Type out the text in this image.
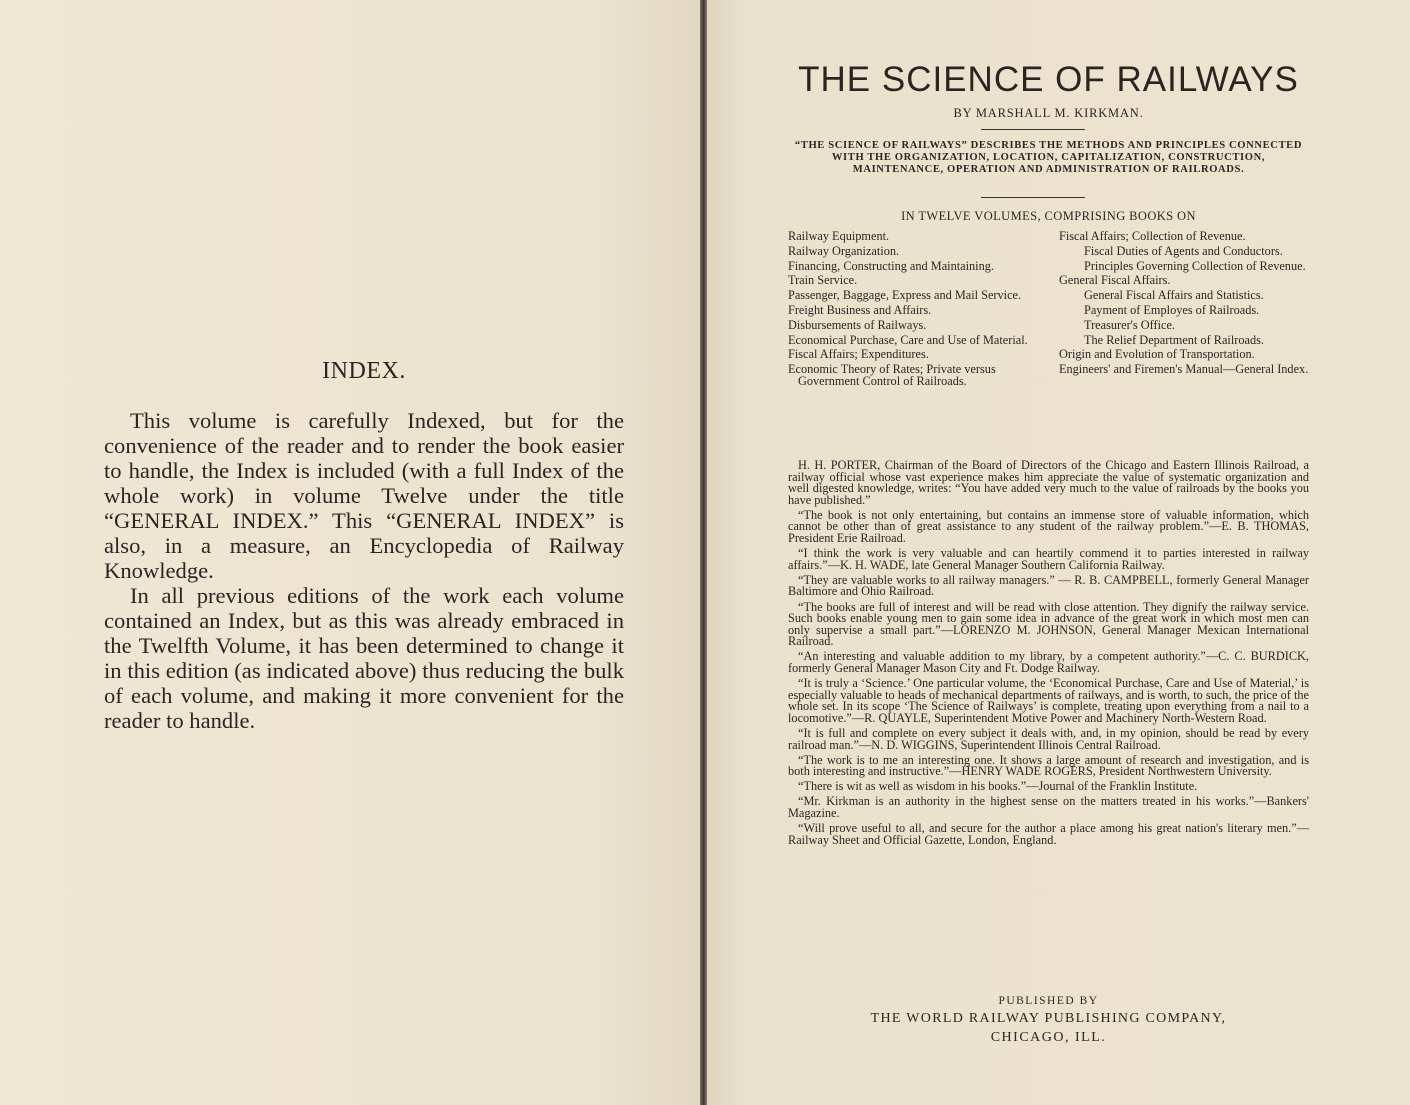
INDEX.

This volume is carefully Indexed, but for the convenience of the reader and to render the book easier to handle, the Index is included (with a full Index of the whole work) in volume Twelve under the title “GENERAL INDEX.” This “GENERAL INDEX” is also, in a measure, an Encyclopedia of Railway Knowledge.

In all previous editions of the work each volume contained an Index, but as this was already embraced in the Twelfth Volume, it has been determined to change it in this edition (as indicated above) thus reducing the bulk of each volume, and making it more convenient for the reader to handle.

THE SCIENCE OF RAILWAYS
BY MARSHALL M. KIRKMAN.
“THE SCIENCE OF RAILWAYS” DESCRIBES THE METHODS AND PRINCIPLES CONNECTED WITH THE ORGANIZATION, LOCATION, CAPITALIZATION, CONSTRUCTION, MAINTENANCE, OPERATION AND ADMINISTRATION OF RAILROADS.
IN TWELVE VOLUMES, COMPRISING BOOKS ON
Railway Equipment.
Railway Organization.
Financing, Constructing and Maintaining.
Train Service.
Passenger, Baggage, Express and Mail Service.
Freight Business and Affairs.
Disbursements of Railways.
Economical Purchase, Care and Use of Material.
Fiscal Affairs; Expenditures.
Economic Theory of Rates; Private versus Government Control of Railroads.
Fiscal Affairs; Collection of Revenue.
Fiscal Duties of Agents and Conductors.
Principles Governing Collection of Revenue.
General Fiscal Affairs.
General Fiscal Affairs and Statistics.
Payment of Employes of Railroads.
Treasurer's Office.
The Relief Department of Railroads.
Origin and Evolution of Transportation.
Engineers' and Firemen's Manual—General Index.

H. H. PORTER, Chairman of the Board of Directors of the Chicago and Eastern Illinois Railroad, a railway official whose vast experience makes him appreciate the value of systematic organization and well digested knowledge, writes: “You have added very much to the value of railroads by the books you have published.”

“The book is not only entertaining, but contains an immense store of valuable information, which cannot be other than of great assistance to any student of the railway problem.”—E. B. THOMAS, President Erie Railroad.

“I think the work is very valuable and can heartily commend it to parties interested in railway affairs.”—K. H. WADE, late General Manager Southern California Railway.

“They are valuable works to all railway managers.” — R. B. CAMPBELL, formerly General Manager Baltimore and Ohio Railroad.

“The books are full of interest and will be read with close attention. They dignify the railway service. Such books enable young men to gain some idea in advance of the great work in which most men can only supervise a small part.”—LORENZO M. JOHNSON, General Manager Mexican International Railroad.

“An interesting and valuable addition to my library, by a competent authority.”—C. C. BURDICK, formerly General Manager Mason City and Ft. Dodge Railway.

“It is truly a ‘Science.’ One particular volume, the ‘Economical Purchase, Care and Use of Material,’ is especially valuable to heads of mechanical departments of railways, and is worth, to such, the price of the whole set. In its scope ‘The Science of Railways’ is complete, treating upon everything from a nail to a locomotive.”—R. QUAYLE, Superintendent Motive Power and Machinery North-Western Road.

“It is full and complete on every subject it deals with, and, in my opinion, should be read by every railroad man.”—N. D. WIGGINS, Superintendent Illinois Central Railroad.

“The work is to me an interesting one. It shows a large amount of research and investigation, and is both interesting and instructive.”—HENRY WADE ROGERS, President Northwestern University.

“There is wit as well as wisdom in his books.”—Journal of the Franklin Institute.

“Mr. Kirkman is an authority in the highest sense on the matters treated in his works.”—Bankers' Magazine.

“Will prove useful to all, and secure for the author a place among his great nation's literary men.”—Railway Sheet and Official Gazette, London, England.

PUBLISHED BY
THE WORLD RAILWAY PUBLISHING COMPANY,
CHICAGO, ILL.
